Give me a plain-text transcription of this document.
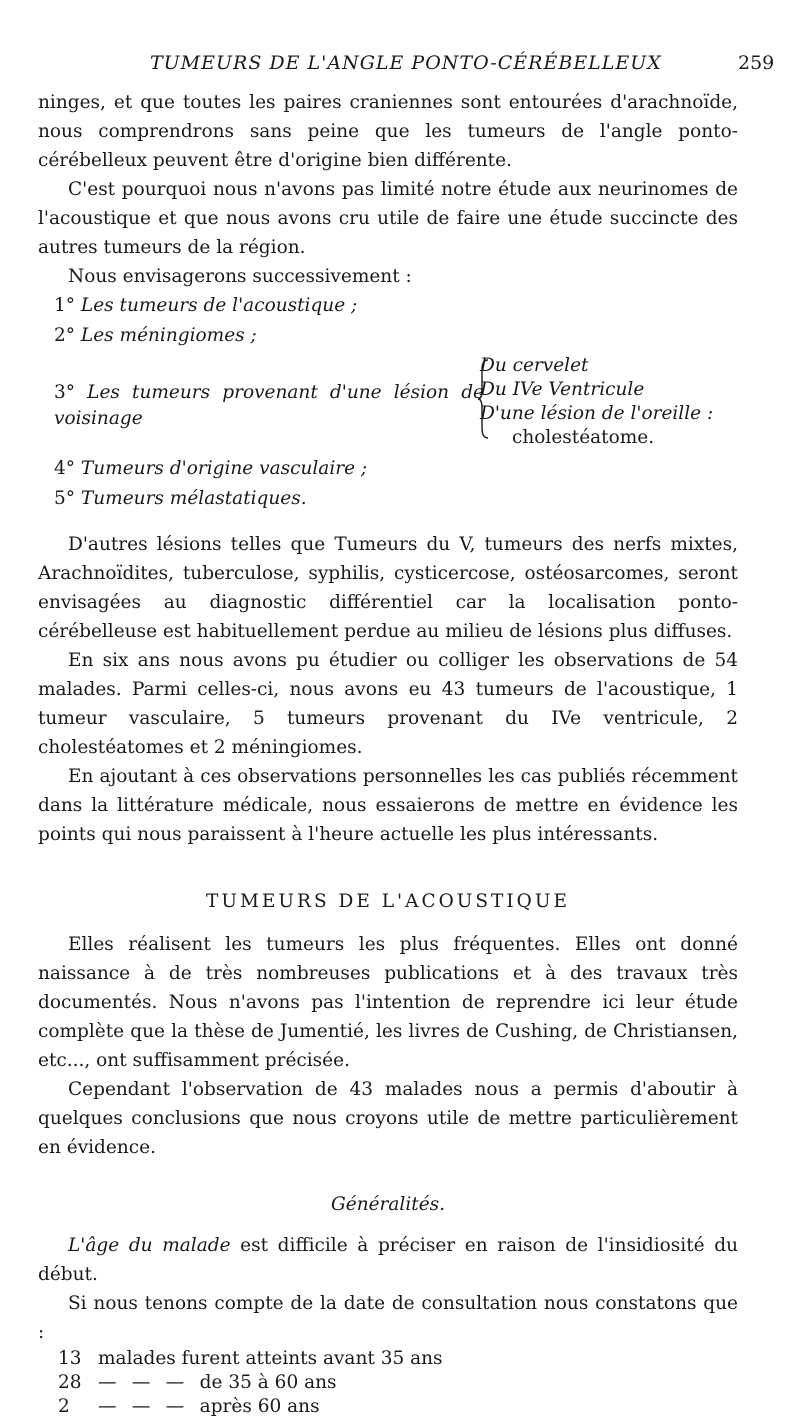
TUMEURS DE L'ANGLE PONTO-CÉRÉBELLEUX	259

ninges, et que toutes les paires craniennes sont entourées d'arachnoïde, nous comprendrons sans peine que les tumeurs de l'angle ponto-cérébelleux peuvent être d'origine bien différente.

C'est pourquoi nous n'avons pas limité notre étude aux neurinomes de l'acoustique et que nous avons cru utile de faire une étude succincte des autres tumeurs de la région.

Nous envisagerons successivement :

1° Les tumeurs de l'acoustique ;
2° Les méningiomes ;
3° Les tumeurs provenant d'une lésion de voisinage
Du cervelet
Du IVe Ventricule
D'une lésion de l'oreille :
cholestéatome.
4° Tumeurs d'origine vasculaire ;
5° Tumeurs mélastatiques.

D'autres lésions telles que Tumeurs du V, tumeurs des nerfs mixtes, Arachnoïdites, tuberculose, syphilis, cysticercose, ostéosarcomes, seront envisagées au diagnostic différentiel car la localisation ponto-cérébelleuse est habituellement perdue au milieu de lésions plus diffuses.

En six ans nous avons pu étudier ou colliger les observations de 54 malades. Parmi celles-ci, nous avons eu 43 tumeurs de l'acoustique, 1 tumeur vasculaire, 5 tumeurs provenant du IVe ventricule, 2 cholestéatomes et 2 méningiomes.

En ajoutant à ces observations personnelles les cas publiés récemment dans la littérature médicale, nous essaierons de mettre en évidence les points qui nous paraissent à l'heure actuelle les plus intéressants.

TUMEURS DE L'ACOUSTIQUE

Elles réalisent les tumeurs les plus fréquentes. Elles ont donné naissance à de très nombreuses publications et à des travaux très documentés. Nous n'avons pas l'intention de reprendre ici leur étude complète que la thèse de Jumentié, les livres de Cushing, de Christiansen, etc..., ont suffisamment précisée.

Cependant l'observation de 43 malades nous a permis d'aboutir à quelques conclusions que nous croyons utile de mettre particulièrement en évidence.

Généralités.

L'âge du malade est difficile à préciser en raison de l'insidiosité du début.

Si nous tenons compte de la date de consultation nous constatons que :

13 malades furent atteints avant 35 ans
28 — — — de 35 à 60 ans
2	— — — après 60 ans
